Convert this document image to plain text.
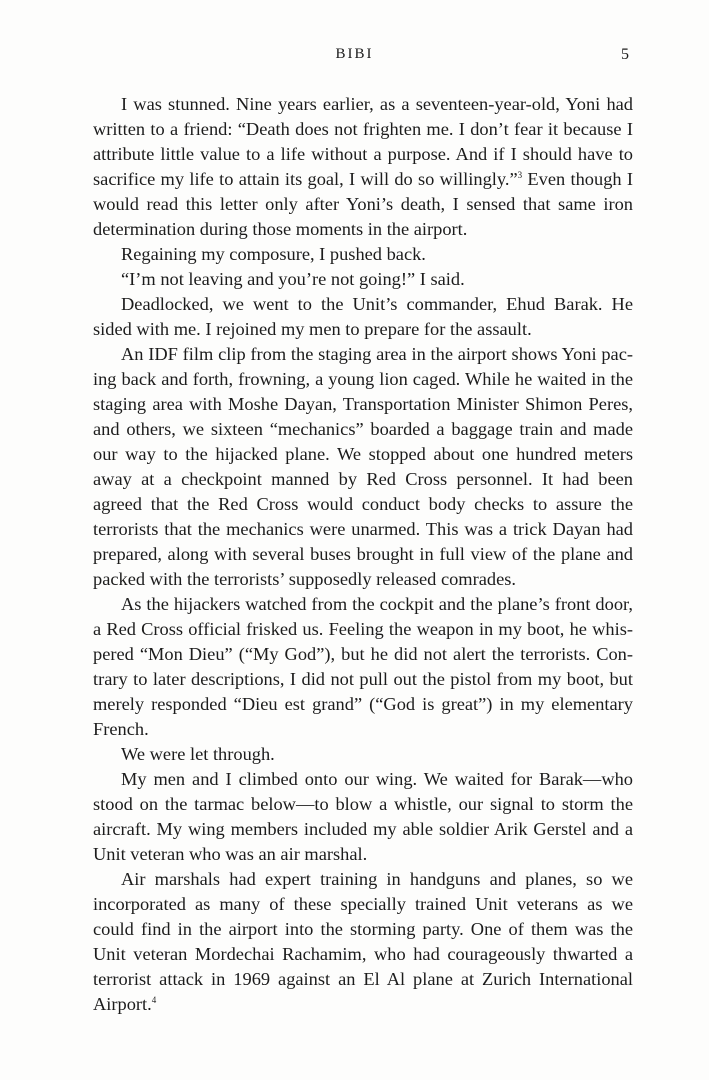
BIBI	5

I was stunned. Nine years earlier, as a seventeen-year-old, Yoni had written to a friend: “Death does not frighten me. I don’t fear it because I attribute little value to a life without a purpose. And if I should have to sacrifice my life to attain its goal, I will do so willingly.”$^3$ Even though I would read this letter only after Yoni’s death, I sensed that same iron determination during those moments in the airport.

Regaining my composure, I pushed back.

“I’m not leaving and you’re not going!” I said.

Deadlocked, we went to the Unit’s commander, Ehud Barak. He sided with me. I rejoined my men to prepare for the assault.

An IDF film clip from the staging area in the airport shows Yoni pacing back and forth, frowning, a young lion caged. While he waited in the staging area with Moshe Dayan, Transportation Minister Shimon Peres, and others, we sixteen “mechanics” boarded a baggage train and made our way to the hijacked plane. We stopped about one hundred meters away at a checkpoint manned by Red Cross personnel. It had been agreed that the Red Cross would conduct body checks to assure the terrorists that the mechanics were unarmed. This was a trick Dayan had prepared, along with several buses brought in full view of the plane and packed with the terrorists’ supposedly released comrades.

As the hijackers watched from the cockpit and the plane’s front door, a Red Cross official frisked us. Feeling the weapon in my boot, he whispered “Mon Dieu” (“My God”), but he did not alert the terrorists. Contrary to later descriptions, I did not pull out the pistol from my boot, but merely responded “Dieu est grand” (“God is great”) in my elementary French.

We were let through.

My men and I climbed onto our wing. We waited for Barak—who stood on the tarmac below—to blow a whistle, our signal to storm the aircraft. My wing members included my able soldier Arik Gerstel and a Unit veteran who was an air marshal.

Air marshals had expert training in handguns and planes, so we incorporated as many of these specially trained Unit veterans as we could find in the airport into the storming party. One of them was the Unit veteran Mordechai Rachamim, who had courageously thwarted a terrorist attack in 1969 against an El Al plane at Zurich International Airport.$^4$
